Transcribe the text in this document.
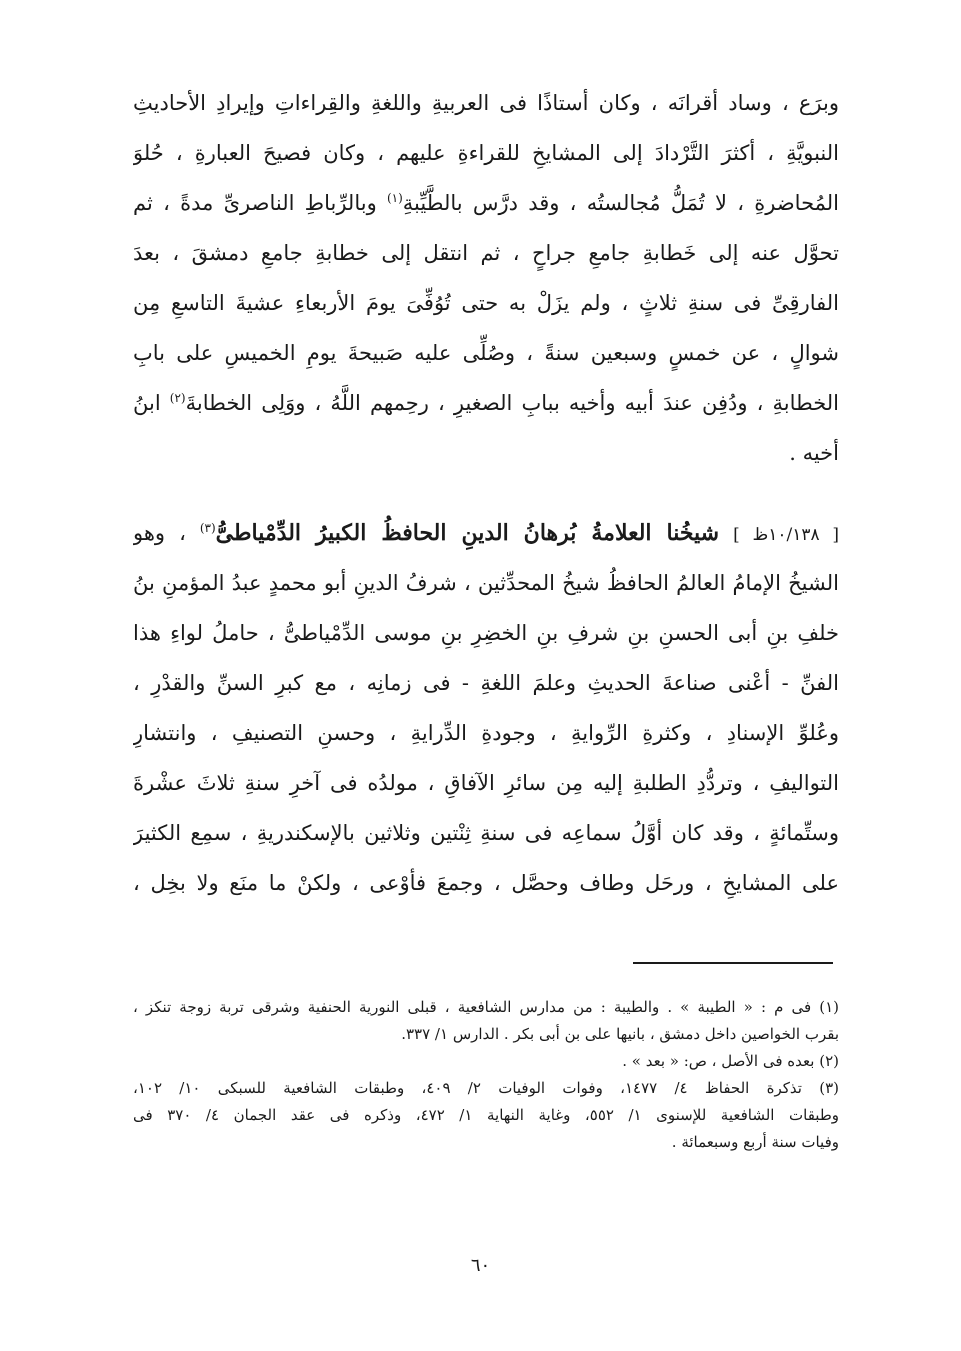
وبرَع ، وساد أقرانَه ، وكان أستاذًا فى العربيةِ واللغةِ والقِراءاتِ وإيرادِ الأحاديثِ
النبويَّةِ ، أكثرَ التَّرْدادَ إلى المشايخِ للقراءةِ عليهم ، وكان فصيحَ العبارةِ ، حُلوَ
المُحاضرةِ ، لا تُمَلُّ مُجالستُه ، وقد درَّس بالطَّيِّبةِ$^{(١)}$ وبالرِّباطِ الناصرىِّ مدةً ، ثم
تحوَّل عنه إلى خَطابةِ جامعِ جراحٍ ، ثم انتقل إلى خطابةِ جامعِ دمشقَ ، بعدَ
الفارقِىِّ فى سنةِ ثلاثٍ ، ولم يزَلْ به حتى تُوُفِّىَ يومَ الأربعاءِ عشيةَ التاسعِ مِن
شوالٍ ، عن خمسٍ وسبعين سنةً ، وصُلِّى عليه صَبيحةَ يومِ الخميسِ على بابِ
الخطابةِ ، ودُفِن عندَ أبيه وأخيه ببابِ الصغيرِ ، رحِمهم اللَّهُ ، ووَلِى الخطابةَ$^{(٢)}$ ابنُ
أخيه .
[ ١٠/١٣٨ظ ] شيخُنا العلامةُ بُرهانُ الدينِ الحافظُ الكبيرُ الدِّمْياطىُّ$^{(٣)}$ ، وهو
الشيخُ الإمامُ العالمُ الحافظُ شيخُ المحدِّثين ، شرفُ الدينِ أبو محمدٍ عبدُ المؤمنِ بنُ
خلفِ بنِ أبى الحسنِ بنِ شرفِ بنِ الخضِرِ بنِ موسى الدِّمْياطىُّ ، حاملُ لواءِ هذا
الفنِّ - أعْنى صناعةَ الحديثِ وعلمَ اللغةِ - فى زمانِه ، مع كبرِ السنِّ والقدْرِ ،
وعُلوِّ الإسنادِ ، وكثرةِ الرِّوايةِ ، وجودةِ الدِّرايةِ ، وحسنِ التصنيفِ ، وانتشارِ
التواليفِ ، وتردُّدِ الطلبةِ إليه مِن سائرِ الآفاقِ ، مولدُه فى آخرِ سنةِ ثلاثَ عشْرةَ
وستِّمائةٍ ، وقد كان أوَّلُ سماعِه فى سنةِ ثِنْتين وثلاثين بالإسكندريةِ ، سمِع الكثيرَ
على المشايخِ ، ورحَل وطاف وحصَّل ، وجمعَ فأوْعى ، ولكنْ ما منَع ولا بخِل ،
(١) فى م : « الطيبة » . والطيبة : من مدارس الشافعية ، قبلى النورية الحنفية وشرقى تربة زوجة تنكز ،
بقرب الخواصين داخل دمشق ، بانيها على بن أبى بكر . الدارس ١/ ٣٣٧.
(٢) بعده فى الأصل ، ص: « بعد » .
(٣) تذكرة الحفاظ ٤/ ١٤٧٧، وفوات الوفيات ٢/ ٤٠٩، وطبقات الشافعية للسبكى ١٠/ ١٠٢،
وطبقات الشافعية للإسنوى ١/ ٥٥٢، وغاية النهاية ١/ ٤٧٢، وذكره فى عقد الجمان ٤/ ٣٧٠ فى
وفيات سنة أربع وسبعمائة .
٦٠
